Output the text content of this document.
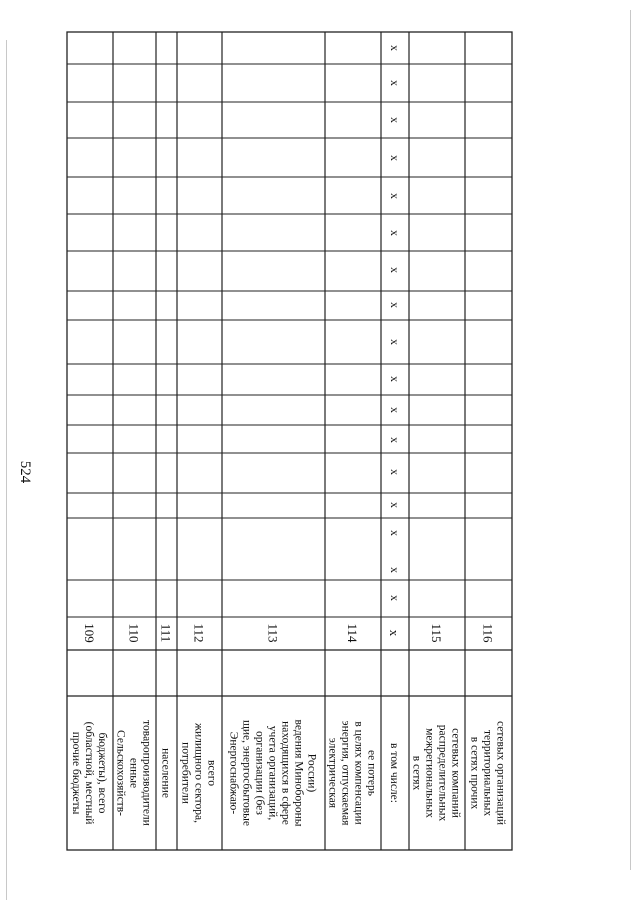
524
прочие бюджеты (областной, местный бюджеты), всего
109
Сельскохозяйств- енные товаропроизводители
110
население
111
потребители жилищного сектора, всего
112
Энергоснабжаю- щие, энергосбытовые организации (без учета организаций, находящихся в сфере ведения Минобороны России)
113
электрическая энергия, отпускаемая в целях компенсации ее потерь
114
в том числе:
х
х
х
х
х
х
х
х
х
х
х
х
х
х
х
х
х
х
в сетях межрегиональных распределительных сетевых компаний
115
в сетях прочих территориальных сетевых организаций
116
